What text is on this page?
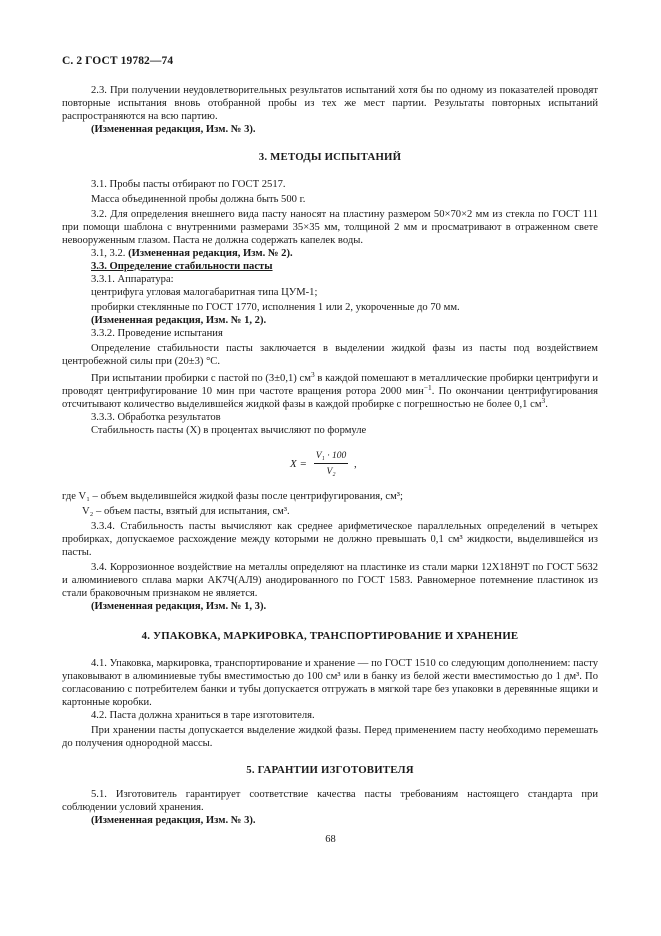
С. 2 ГОСТ 19782—74

2.3. При получении неудовлетворительных результатов испытаний хотя бы по одному из показателей проводят повторные испытания вновь отобранной пробы из тех же мест партии. Результаты повторных испытаний распространяются на всю партию.

(Измененная редакция, Изм. № 3).

3. МЕТОДЫ ИСПЫТАНИЙ

3.1. Пробы пасты отбирают по ГОСТ 2517.

Масса объединенной пробы должна быть 500 г.

3.2. Для определения внешнего вида пасту наносят на пластину размером 50×70×2 мм из стекла по ГОСТ 111 при помощи шаблона с внутренними размерами 35×35 мм, толщиной 2 мм и просматривают в отраженном свете невооруженным глазом. Паста не должна содержать капелек воды.

3.1, 3.2. (Измененная редакция, Изм. № 2).

3.3. Определение стабильности пасты

3.3.1. Аппаратура:

центрифуга угловая малогабаритная типа ЦУМ-1;

пробирки стеклянные по ГОСТ 1770, исполнения 1 или 2, укороченные до 70 мм.

(Измененная редакция, Изм. № 1, 2).

3.3.2. Проведение испытания

Определение стабильности пасты заключается в выделении жидкой фазы из пасты под воздействием центробежной силы при (20±3) °С.

При испытании пробирки с пастой по (3±0,1) $см^3$ в каждой помешают в металлические пробирки центрифуги и проводят центрифугирование 10 мин при частоте вращения ротора 2000 мин$^{-1}$. По окончании центрифугирования отсчитывают количество выделившейся жидкой фазы в каждой пробирке с погрешностью не более 0,1 $см^3$.

3.3.3. Обработка результатов

Стабильность пасты (X) в процентах вычисляют по формуле

X =
V₁ · 100
V₂
,

где V₁ – объем выделившейся жидкой фазы после центрифугирования, см³;

V₂ – объем пасты, взятый для испытания, см³.

3.3.4. Стабильность пасты вычисляют как среднее арифметическое параллельных определений в четырех пробирках, допускаемое расхождение между которыми не должно превышать 0,1 см³ жидкости, выделившейся из пасты.

3.4. Коррозионное воздействие на металлы определяют на пластинке из стали марки 12Х18Н9Т по ГОСТ 5632 и алюминиевого сплава марки АК7Ч(АЛ9) анодированного по ГОСТ 1583. Равномерное потемнение пластинок из стали браковочным признаком не является.

(Измененная редакция, Изм. № 1, 3).

4. УПАКОВКА, МАРКИРОВКА, ТРАНСПОРТИРОВАНИЕ И ХРАНЕНИЕ

4.1. Упаковка, маркировка, транспортирование и хранение — по ГОСТ 1510 со следующим дополнением: пасту упаковывают в алюминиевые тубы вместимостью до 100 см³ или в банку из белой жести вместимостью до 1 дм³. По согласованию с потребителем банки и тубы допускается отгружать в мягкой таре без упаковки в деревянные ящики и картонные коробки.

4.2. Паста должна храниться в таре изготовителя.

При хранении пасты допускается выделение жидкой фазы. Перед применением пасту необходимо перемешать до получения однородной массы.

5. ГАРАНТИИ ИЗГОТОВИТЕЛЯ

5.1. Изготовитель гарантирует соответствие качества пасты требованиям настоящего стандарта при соблюдении условий хранения.

(Измененная редакция, Изм. № 3).

68
